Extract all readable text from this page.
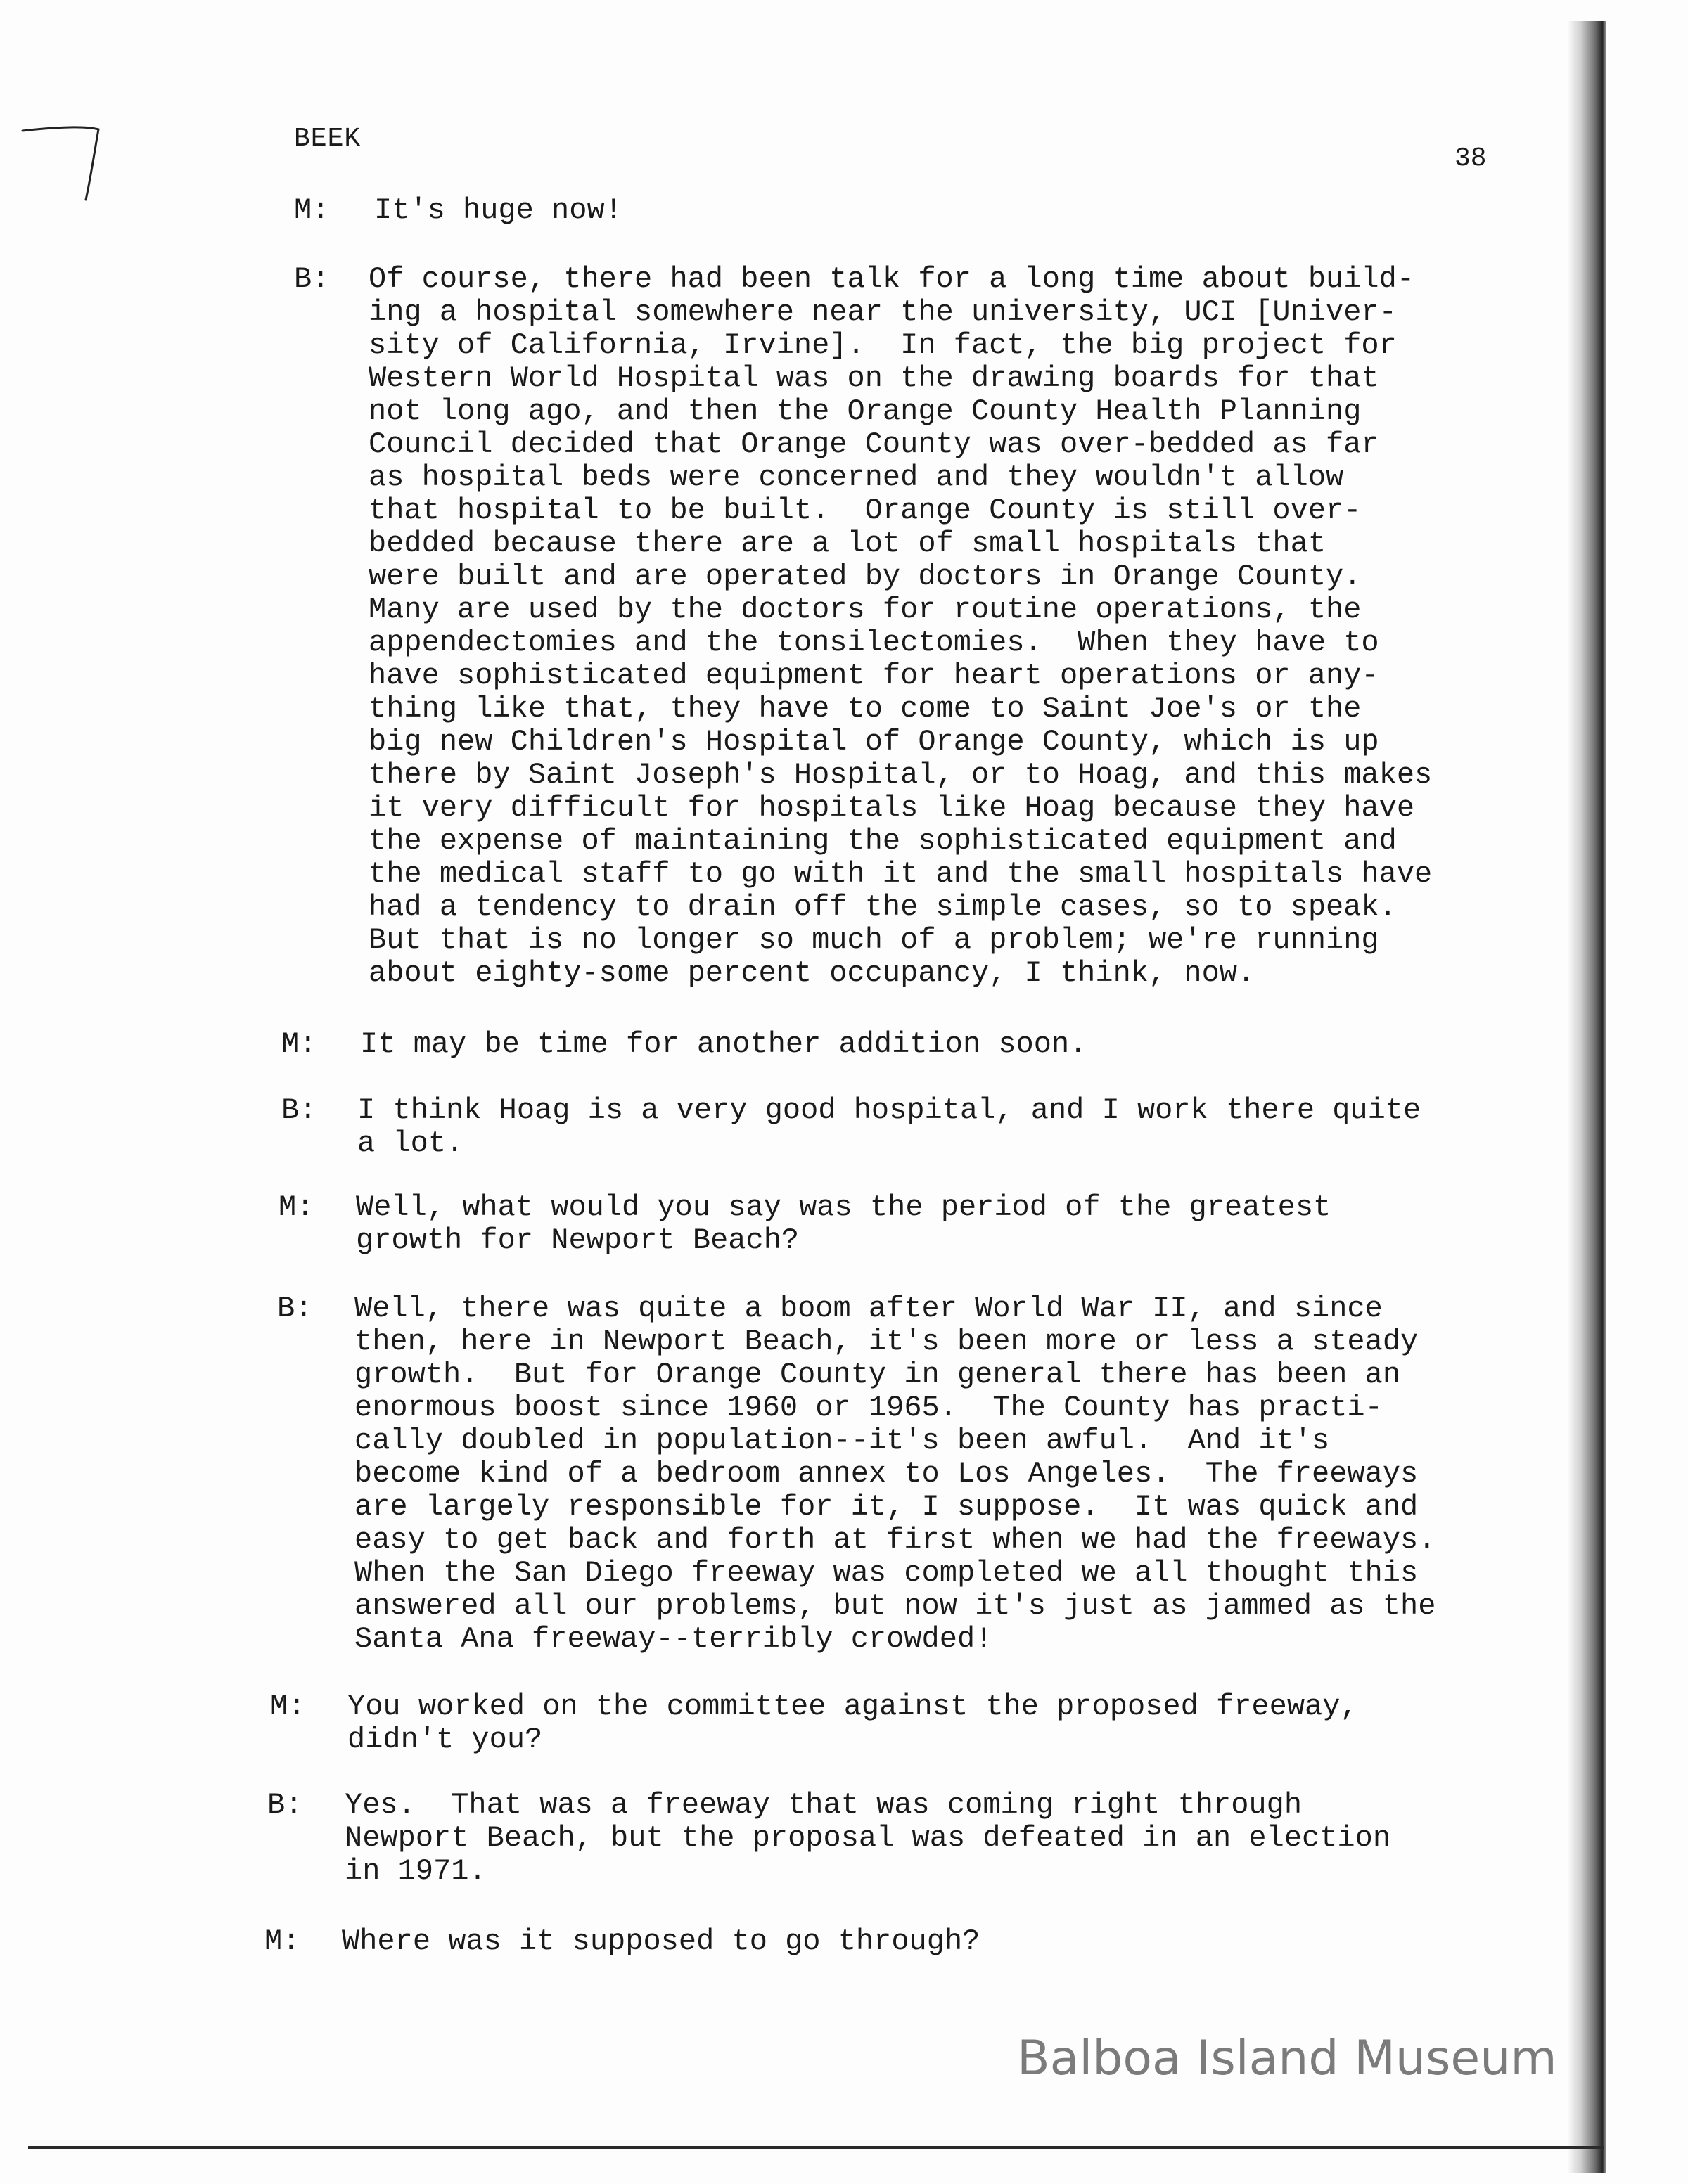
BEEK
38
M:	It's huge now!
B:	Of course, there had been talk for a long time about build-
ing a hospital somewhere near the university, UCI [Univer-
sity of California, Irvine].  In fact, the big project for
Western World Hospital was on the drawing boards for that
not long ago, and then the Orange County Health Planning
Council decided that Orange County was over-bedded as far
as hospital beds were concerned and they wouldn't allow
that hospital to be built.  Orange County is still over-
bedded because there are a lot of small hospitals that
were built and are operated by doctors in Orange County.
Many are used by the doctors for routine operations, the
appendectomies and the tonsilectomies.  When they have to
have sophisticated equipment for heart operations or any-
thing like that, they have to come to Saint Joe's or the
big new Children's Hospital of Orange County, which is up
there by Saint Joseph's Hospital, or to Hoag, and this makes
it very difficult for hospitals like Hoag because they have
the expense of maintaining the sophisticated equipment and
the medical staff to go with it and the small hospitals have
had a tendency to drain off the simple cases, so to speak.
But that is no longer so much of a problem; we're running
about eighty-some percent occupancy, I think, now.
M:	It may be time for another addition soon.
B:	I think Hoag is a very good hospital, and I work there quite
a lot.
M:	Well, what would you say was the period of the greatest
growth for Newport Beach?
B:	Well, there was quite a boom after World War II, and since
then, here in Newport Beach, it's been more or less a steady
growth.  But for Orange County in general there has been an
enormous boost since 1960 or 1965.  The County has practi-
cally doubled in population--it's been awful.  And it's
become kind of a bedroom annex to Los Angeles.  The freeways
are largely responsible for it, I suppose.  It was quick and
easy to get back and forth at first when we had the freeways.
When the San Diego freeway was completed we all thought this
answered all our problems, but now it's just as jammed as the
Santa Ana freeway--terribly crowded!
M:	You worked on the committee against the proposed freeway,
didn't you?
B:	Yes.  That was a freeway that was coming right through
Newport Beach, but the proposal was defeated in an election
in 1971.
M:	Where was it supposed to go through?
Balboa Island Museum
